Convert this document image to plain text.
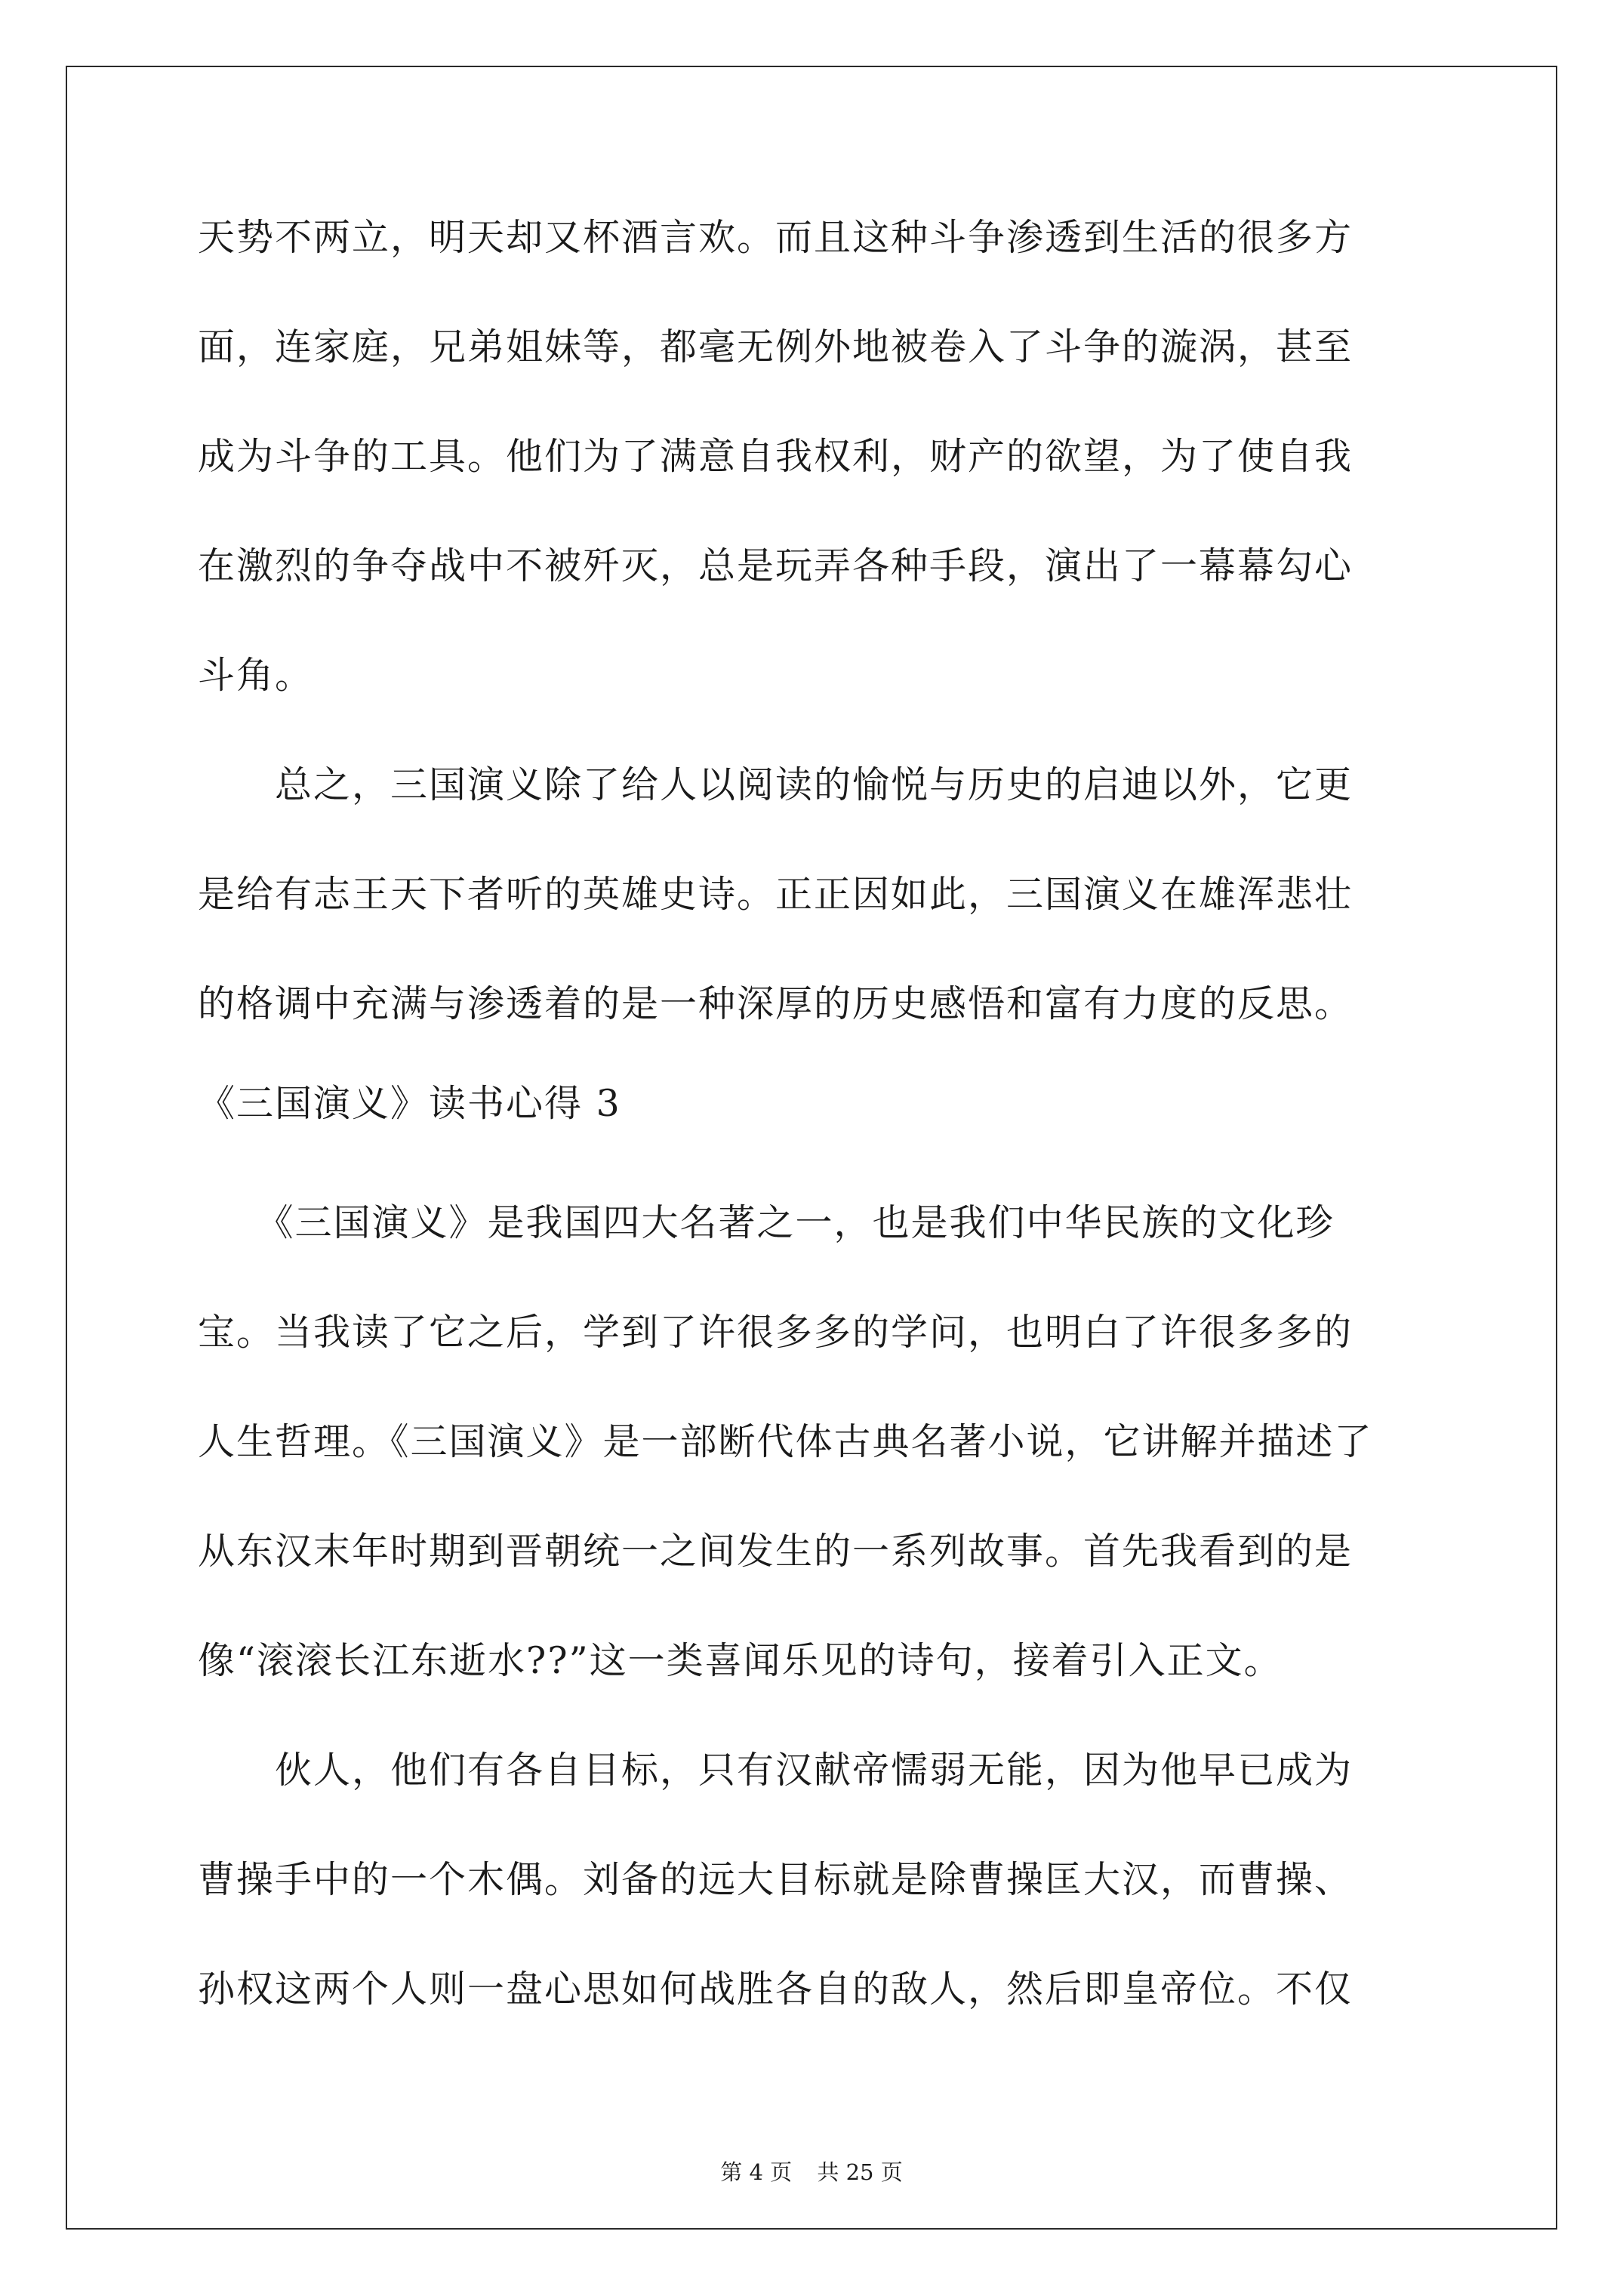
天势不两立，明天却又杯酒言欢。而且这种斗争渗透到生活的很多方
面，连家庭，兄弟姐妹等，都毫无例外地被卷入了斗争的漩涡，甚至
成为斗争的工具。他们为了满意自我权利，财产的欲望，为了使自我
在激烈的争夺战中不被歼灭，总是玩弄各种手段，演出了一幕幕勾心
斗角。
　　总之，三国演义除了给人以阅读的愉悦与历史的启迪以外，它更
是给有志王天下者听的英雄史诗。正正因如此，三国演义在雄浑悲壮
的格调中充满与渗透着的是一种深厚的历史感悟和富有力度的反思。
《三国演义》读书心得 3
　　《三国演义》是我国四大名著之一，也是我们中华民族的文化珍
宝。当我读了它之后，学到了许很多多的学问，也明白了许很多多的
人生哲理。《三国演义》是一部断代体古典名著小说，它讲解并描述了
从东汉末年时期到晋朝统一之间发生的一系列故事。首先我看到的是
像“滚滚长江东逝水??”这一类喜闻乐见的诗句，接着引入正文。
　　伙人，他们有各自目标，只有汉献帝懦弱无能，因为他早已成为
曹操手中的一个木偶。刘备的远大目标就是除曹操匡大汉，而曹操、
孙权这两个人则一盘心思如何战胜各自的敌人，然后即皇帝位。不仅
第 4 页 共 25 页
